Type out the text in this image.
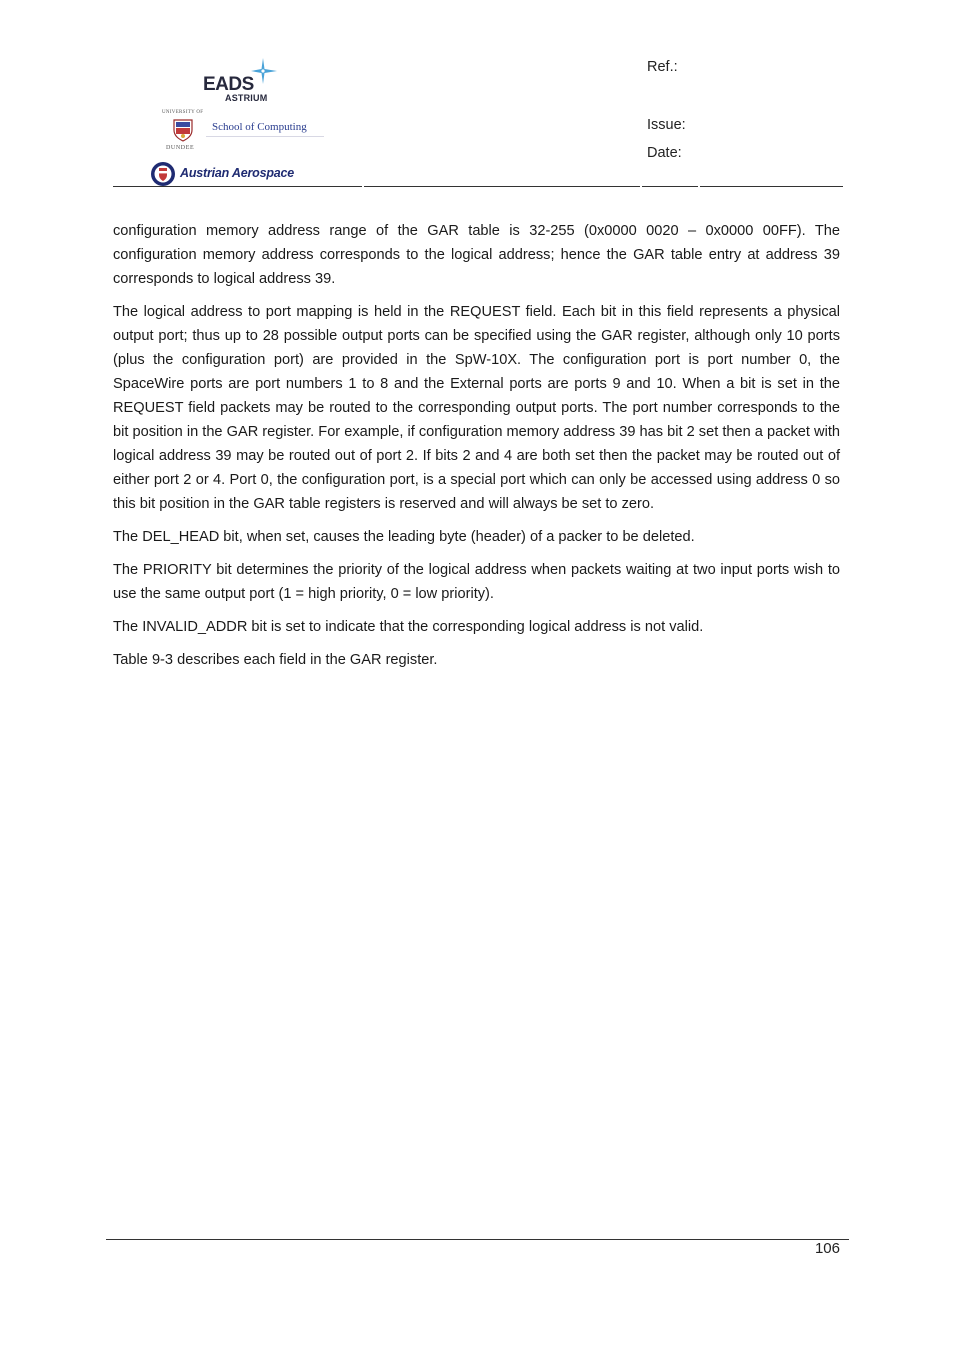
EADS
ASTRIUM
UNIVERSITY OF
DUNDEE
School of Computing
Austrian Aerospace
Ref.:
Issue:
Date:

configuration memory address range of the GAR table is 32-255 (0x0000 0020 – 0x0000 00FF). The configuration memory address corresponds to the logical address; hence the GAR table entry at address 39 corresponds to logical address 39.

The logical address to port mapping is held in the REQUEST field. Each bit in this field represents a physical output port; thus up to 28 possible output ports can be specified using the GAR register, although only 10 ports (plus the configuration port) are provided in the SpW-10X. The configuration port is port number 0, the SpaceWire ports are port numbers 1 to 8 and the External ports are ports 9 and 10. When a bit is set in the REQUEST field packets may be routed to the corresponding output ports. The port number corresponds to the bit position in the GAR register. For example, if configuration memory address 39 has bit 2 set then a packet with logical address 39 may be routed out of port 2. If bits 2 and 4 are both set then the packet may be routed out of either port 2 or 4. Port 0, the configuration port, is a special port which can only be accessed using address 0 so this bit position in the GAR table registers is reserved and will always be set to zero.

The DEL_HEAD bit, when set, causes the leading byte (header) of a packer to be deleted.

The PRIORITY bit determines the priority of the logical address when packets waiting at two input ports wish to use the same output port (1 = high priority, 0 = low priority).

The INVALID_ADDR bit is set to indicate that the corresponding logical address is not valid.

Table 9-3 describes each field in the GAR register.

106
